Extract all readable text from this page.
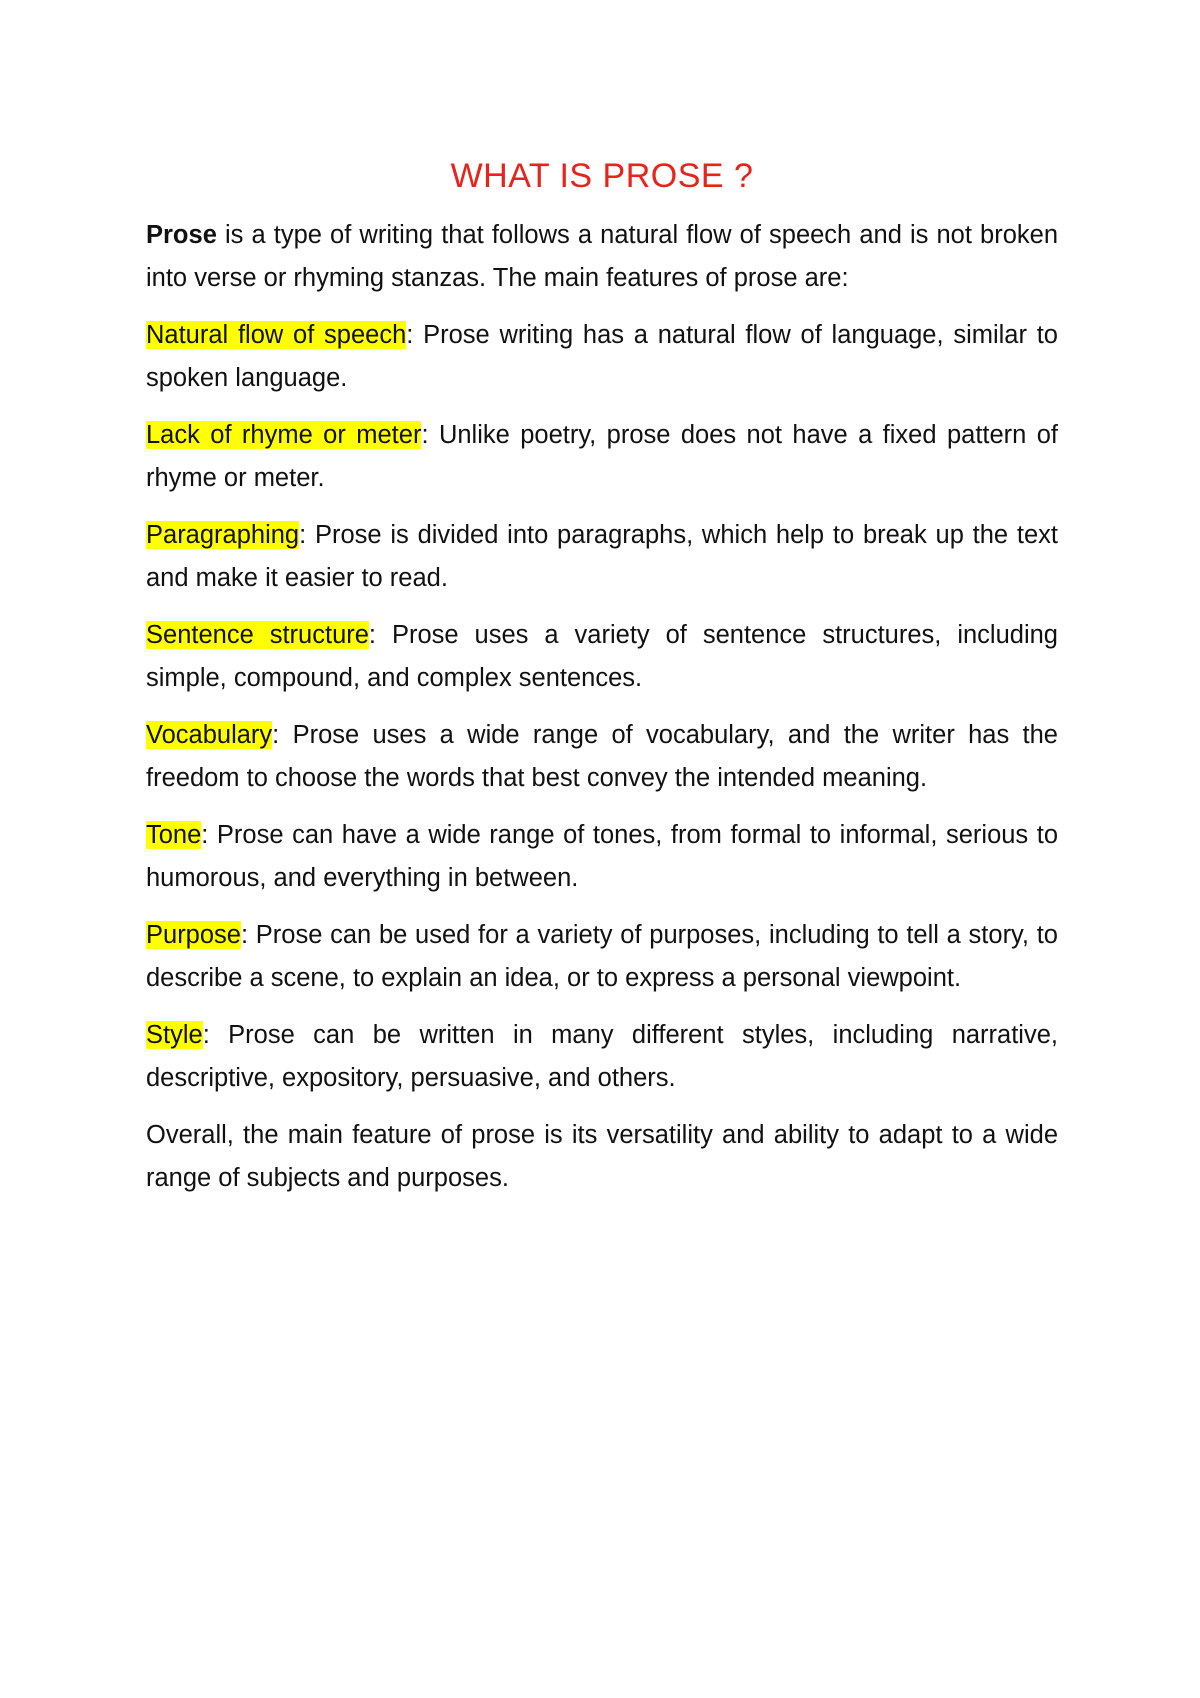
WHAT IS PROSE ?

Prose is a type of writing that follows a natural flow of speech and is not broken into verse or rhyming stanzas. The main features of prose are:

Natural flow of speech: Prose writing has a natural flow of language, similar to spoken language.

Lack of rhyme or meter: Unlike poetry, prose does not have a fixed pattern of rhyme or meter.

Paragraphing: Prose is divided into paragraphs, which help to break up the text and make it easier to read.

Sentence structure: Prose uses a variety of sentence structures, including simple, compound, and complex sentences.

Vocabulary: Prose uses a wide range of vocabulary, and the writer has the freedom to choose the words that best convey the intended meaning.

Tone: Prose can have a wide range of tones, from formal to informal, serious to humorous, and everything in between.

Purpose: Prose can be used for a variety of purposes, including to tell a story, to describe a scene, to explain an idea, or to express a personal viewpoint.

Style: Prose can be written in many different styles, including narrative, descriptive, expository, persuasive, and others.

Overall, the main feature of prose is its versatility and ability to adapt to a wide range of subjects and purposes.
